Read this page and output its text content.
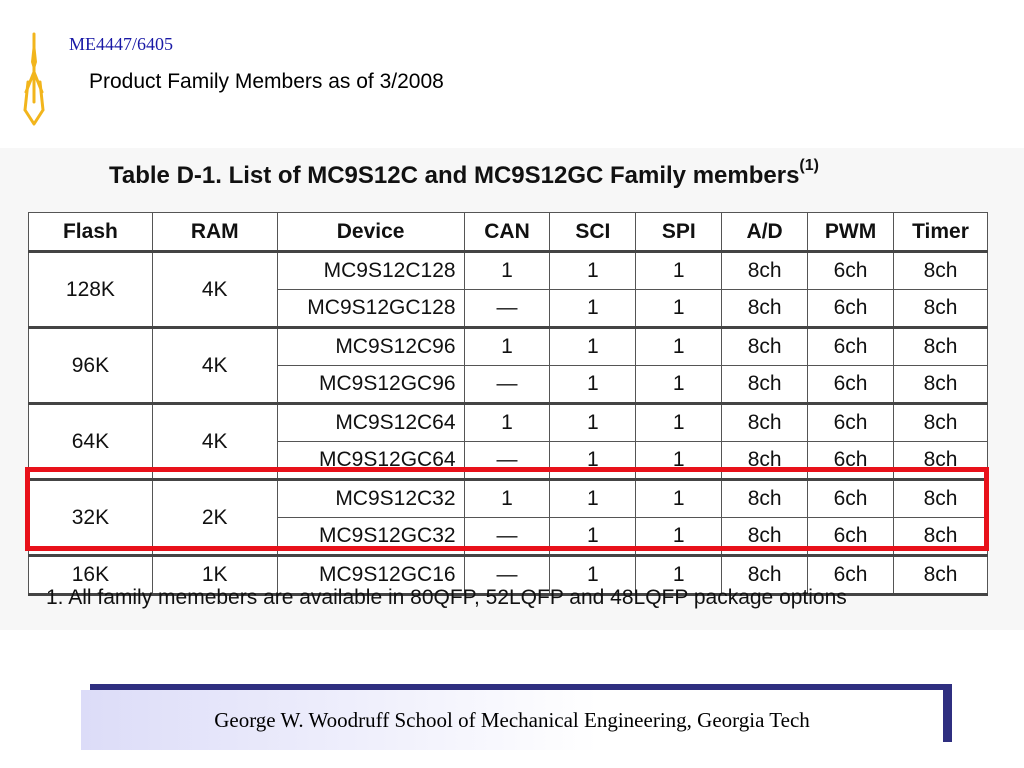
ME4447/6405
Product Family Members as of 3/2008
Table D-1. List of MC9S12C and MC9S12GC Family members$^{(1)}$
Flash	RAM	Device	CAN	SCI	SPI	A/D	PWM	Timer
128K	4K	MC9S12C128	1	1	1	8ch	6ch	8ch
		MC9S12GC128	—	1	1	8ch	6ch	8ch
96K	4K	MC9S12C96	1	1	1	8ch	6ch	8ch
		MC9S12GC96	—	1	1	8ch	6ch	8ch
64K	4K	MC9S12C64	1	1	1	8ch	6ch	8ch
		MC9S12GC64	—	1	1	8ch	6ch	8ch
32K	2K	MC9S12C32	1	1	1	8ch	6ch	8ch
		MC9S12GC32	—	1	1	8ch	6ch	8ch
16K	1K	MC9S12GC16	—	1	1	8ch	6ch	8ch
1. All family memebers are available in 80QFP, 52LQFP and 48LQFP package options
George W. Woodruff School of Mechanical Engineering, Georgia Tech
